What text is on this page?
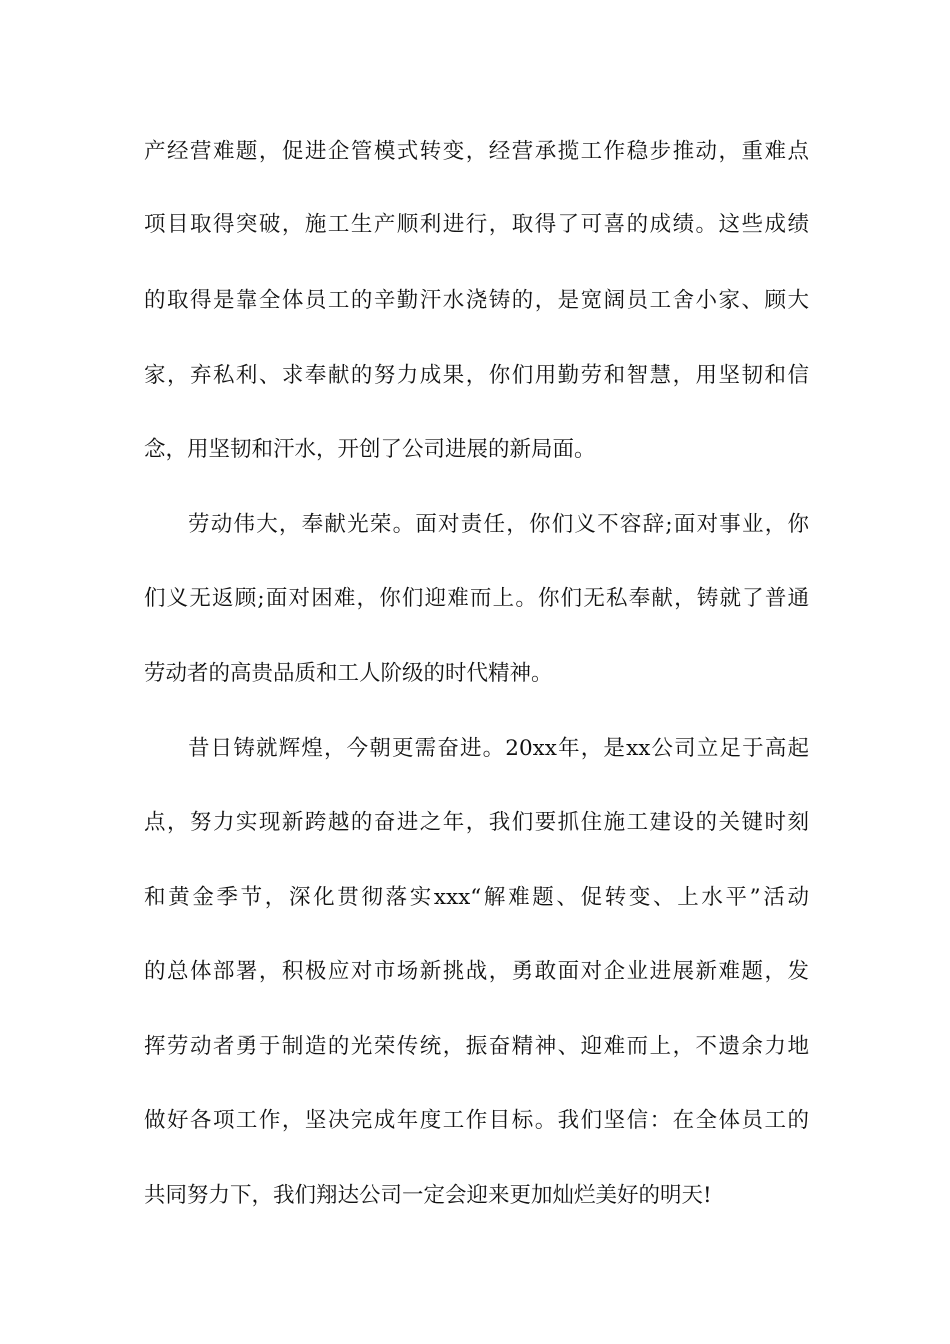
产经营难题，促进企管模式转变，经营承揽工作稳步推动，重难点
项目取得突破，施工生产顺利进行，取得了可喜的成绩。这些成绩
的取得是靠全体员工的辛勤汗水浇铸的，是宽阔员工舍小家、顾大
家，弃私利、求奉献的努力成果，你们用勤劳和智慧，用坚韧和信
念，用坚韧和汗水，开创了公司进展的新局面。
劳动伟大，奉献光荣。面对责任，你们义不容辞;面对事业，你
们义无返顾;面对困难，你们迎难而上。你们无私奉献，铸就了普通
劳动者的高贵品质和工人阶级的时代精神。
昔日铸就辉煌，今朝更需奋进。20xx年，是xx公司立足于高起
点，努力实现新跨越的奋进之年，我们要抓住施工建设的关键时刻
和黄金季节，深化贯彻落实xxx“解难题、促转变、上水平”活动
的总体部署，积极应对市场新挑战，勇敢面对企业进展新难题，发
挥劳动者勇于制造的光荣传统，振奋精神、迎难而上，不遗余力地
做好各项工作，坚决完成年度工作目标。我们坚信：在全体员工的
共同努力下，我们翔达公司一定会迎来更加灿烂美好的明天!
